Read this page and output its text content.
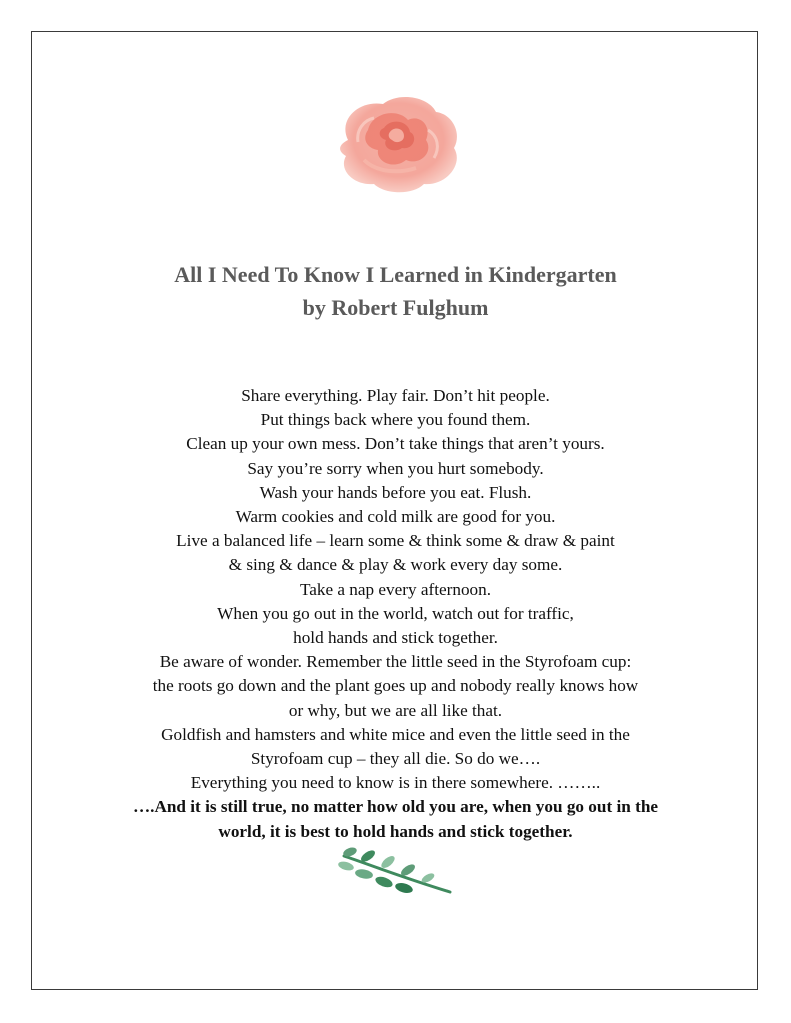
All I Need To Know I Learned in Kindergarten
by Robert Fulghum
Share everything. Play fair. Don’t hit people.
Put things back where you found them.
Clean up your own mess. Don’t take things that aren’t yours.
Say you’re sorry when you hurt somebody.
Wash your hands before you eat. Flush.
Warm cookies and cold milk are good for you.
Live a balanced life – learn some & think some & draw & paint
& sing & dance & play & work every day some.
Take a nap every afternoon.
When you go out in the world, watch out for traffic,
hold hands and stick together.
Be aware of wonder. Remember the little seed in the Styrofoam cup:
the roots go down and the plant goes up and nobody really knows how
or why, but we are all like that.
Goldfish and hamsters and white mice and even the little seed in the
Styrofoam cup – they all die. So do we….
Everything you need to know is in there somewhere. ……..
….And it is still true, no matter how old you are, when you go out in the
world, it is best to hold hands and stick together.
